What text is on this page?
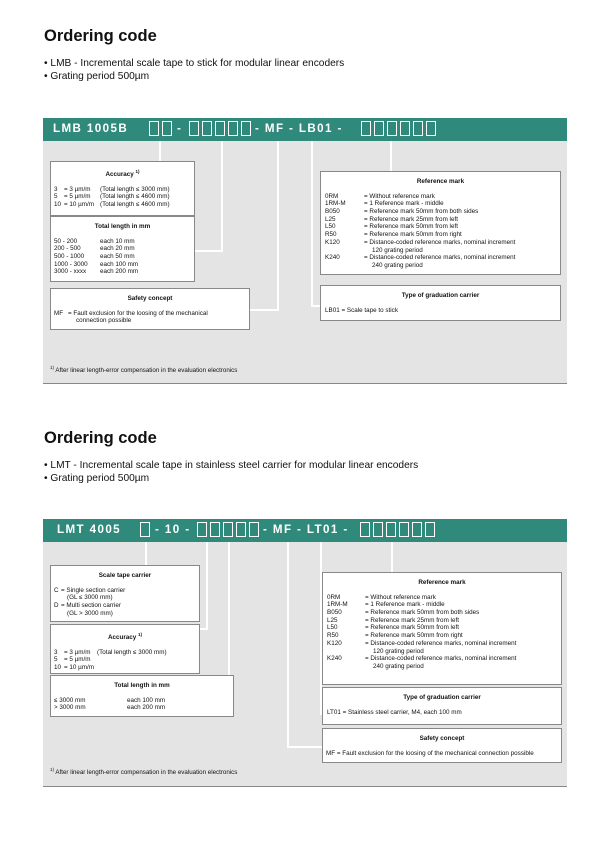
Ordering code
• LMB - Incremental scale tape to stick for modular linear encoders
• Grating period 500µm
LMB 1005B	-	- MF - LB01 -
Accuracy $^{1)}$
3 = 3 µm/m (Total length ≤ 3000 mm)
5 = 5 µm/m (Total length ≤ 4600 mm)
10 = 10 µm/m (Total length ≤ 4600 mm)
Total length in mm
50 - 200	each 10 mm
200 - 500	each 20 mm
500 - 1000	each 50 mm
1000 - 3000 each 100 mm
3000 - xxxx each 200 mm
Safety concept
MF = Fault exclusion for the loosing of the mechanical
connection possible
Reference mark
0RM	= Without reference mark
1RM-M	= 1 Reference mark - middle
B050	= Reference mark 50mm from both sides
L25	= Reference mark 25mm from left
L50	= Reference mark 50mm from left
R50	= Reference mark 50mm from right
K120	= Distance-coded reference marks, nominal increment
120 grating period
K240	= Distance-coded reference marks, nominal increment
240 grating period
Type of graduation carrier
LB01 = Scale tape to stick
$^{1)}$ After linear length-error compensation in the evaluation electronics
Ordering code
• LMT - Incremental scale tape in stainless steel carrier for modular linear encoders
• Grating period 500µm
LMT 4005	- 10 -	- MF - LT01 -
Scale tape carrier
C = Single section carrier
(GL ≤ 3000 mm)
D = Multi section carrier
(GL > 3000 mm)
Accuracy $^{1)}$
3 = 3 µm/m (Total length ≤ 3000 mm)
5 = 5 µm/m
10 = 10 µm/m
Total length in mm
≤ 3000 mm	each 100 mm
> 3000 mm	each 200 mm
Reference mark
0RM	= Without reference mark
1RM-M	= 1 Reference mark - middle
B050	= Reference mark 50mm from both sides
L25	= Reference mark 25mm from left
L50	= Reference mark 50mm from left
R50	= Reference mark 50mm from right
K120	= Distance-coded reference marks, nominal increment
120 grating period
K240	= Distance-coded reference marks, nominal increment
240 grating period
Type of graduation carrier
LT01 = Stainless steel carrier, M4, each 100 mm
Safety concept
MF = Fault exclusion for the loosing of the mechanical connection possible
$^{1)}$ After linear length-error compensation in the evaluation electronics
